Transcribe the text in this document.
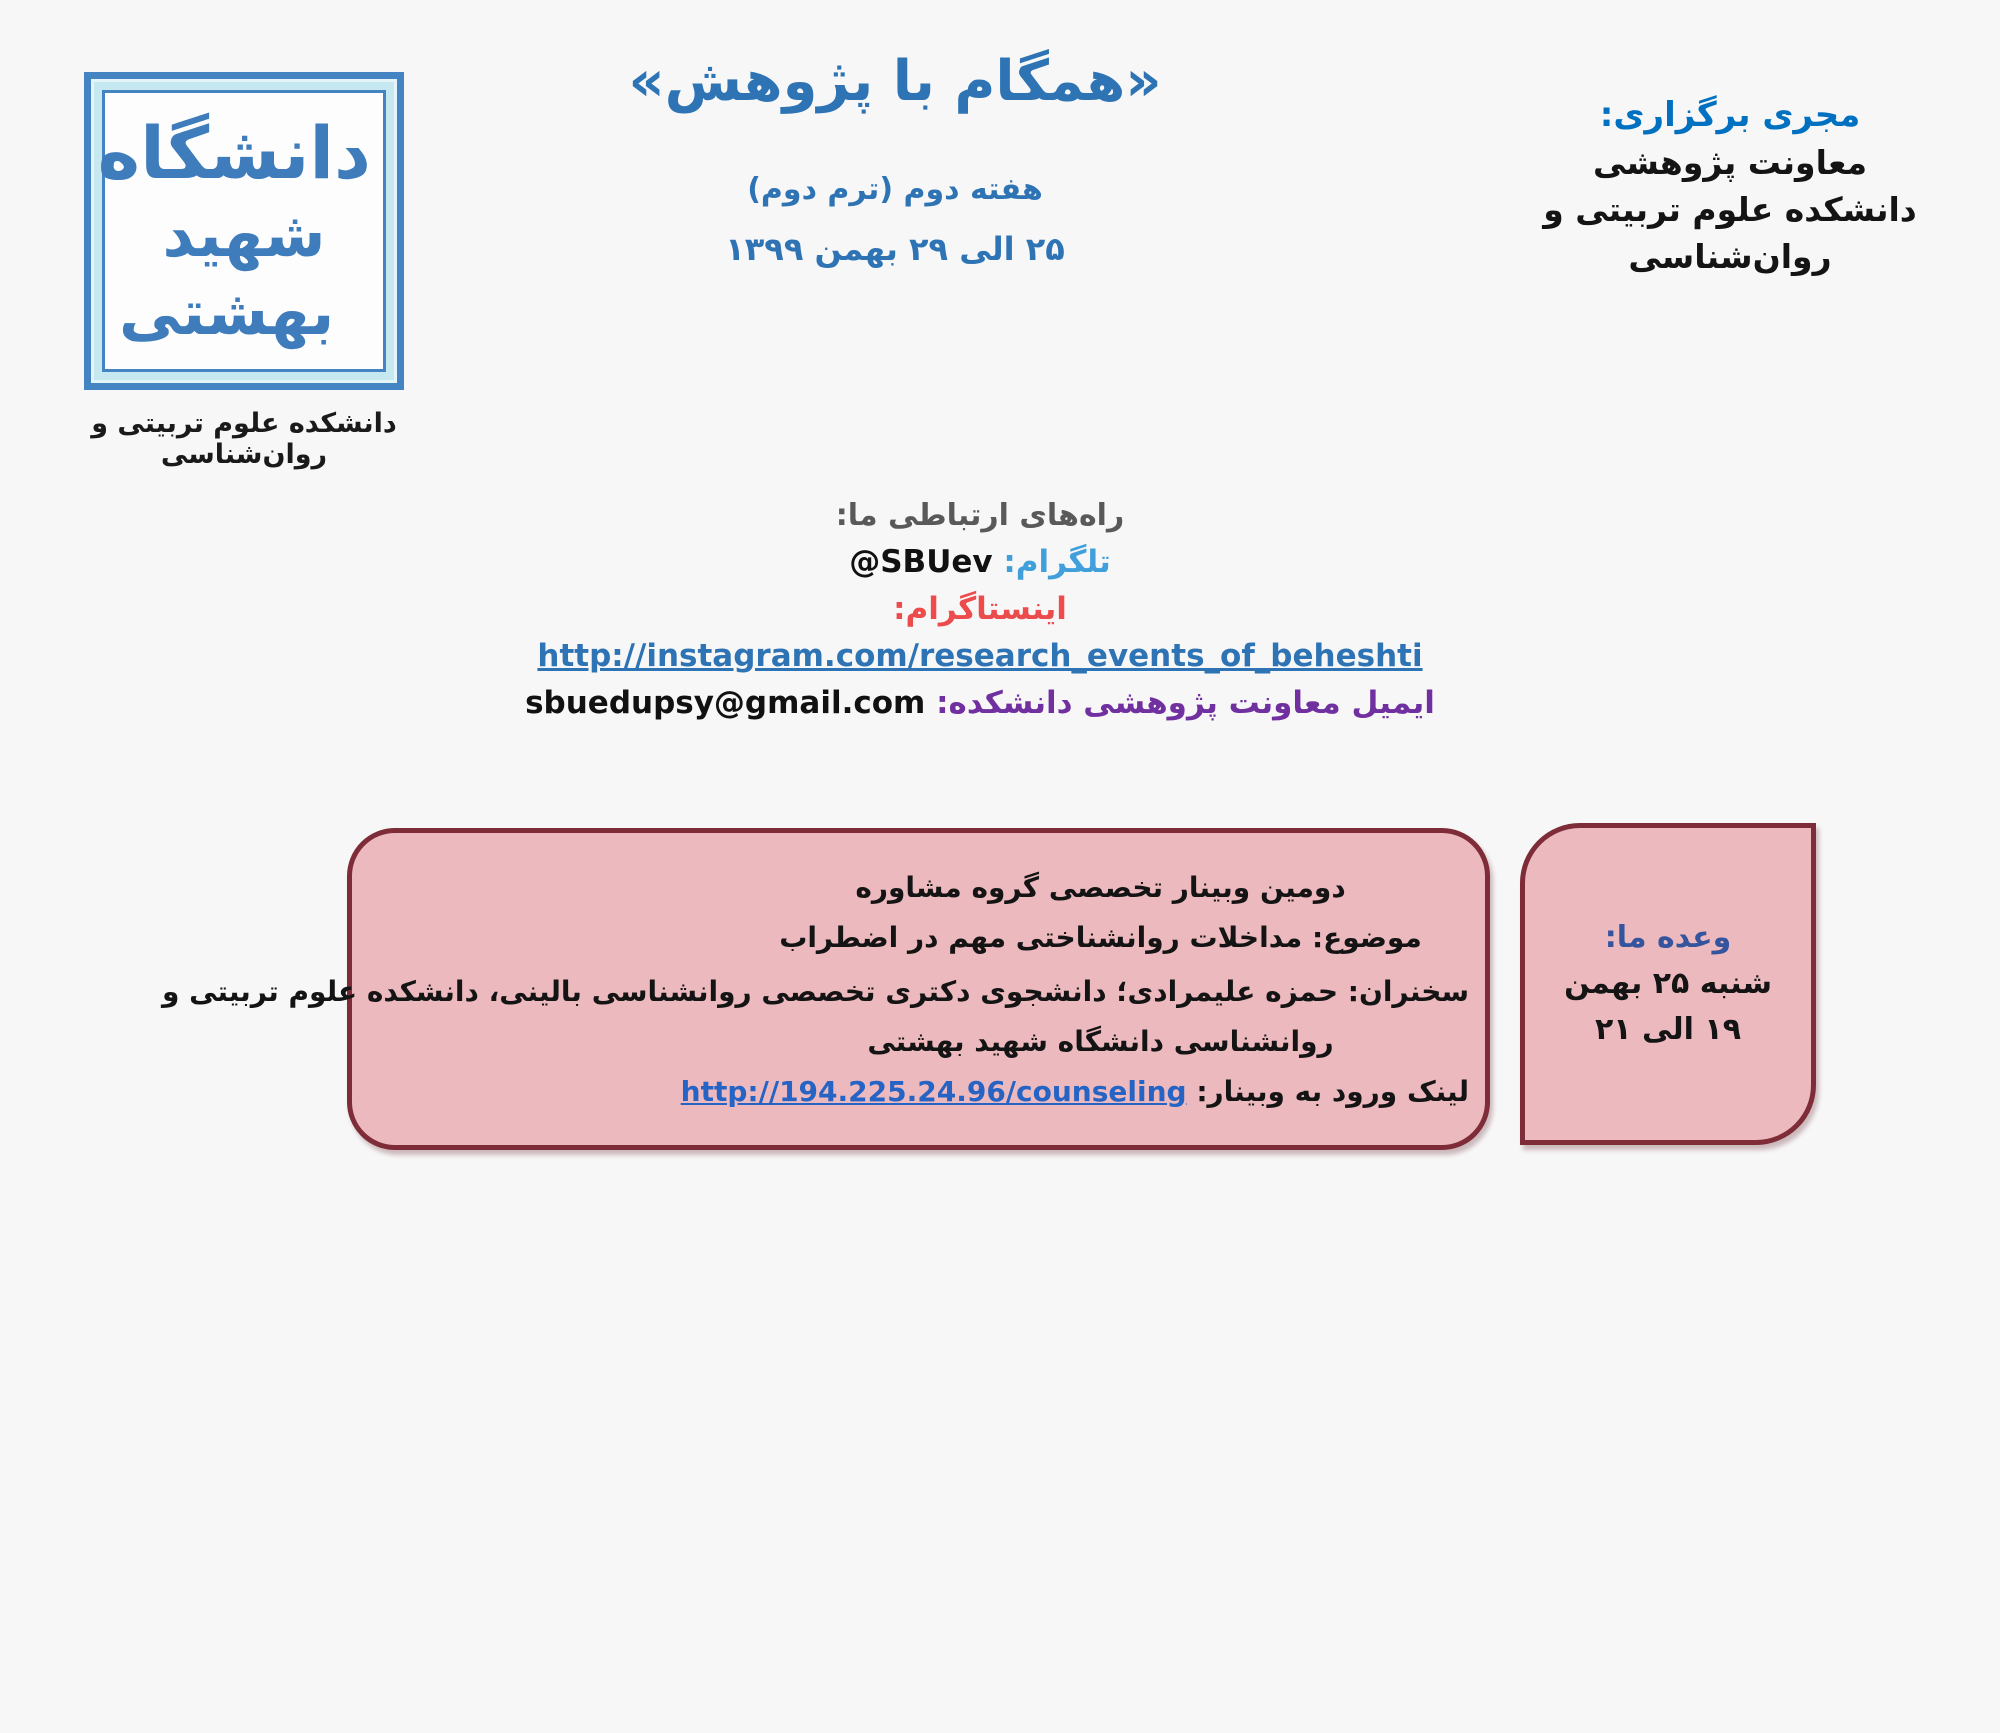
دانشگاه
شهید
بهشتی
دانشکده علوم تربیتی و روان‌شناسی
«همگام با پژوهش»
هفته دوم (ترم دوم)
۲۵ الی ۲۹ بهمن ۱۳۹۹
مجری برگزاری:
معاونت پژوهشی
دانشکده علوم تربیتی و روان‌شناسی
راه‌های ارتباطی ما:
تلگرام: @SBUev
اینستاگرام: http://instagram.com/research_events_of_beheshti
ایمیل معاونت پژوهشی دانشکده: sbuedupsy@gmail.com
دومین وبینار تخصصی گروه مشاوره
موضوع: مداخلات روانشناختی مهم در اضطراب
سخنران: حمزه علیمرادی؛ دانشجوی دکتری تخصصی روانشناسی بالینی، دانشکده علوم تربیتی و
روانشناسی دانشگاه شهید بهشتی
لینک ورود به وبینار: http://194.225.24.96/counseling
وعده ما:
شنبه ۲۵ بهمن
۱۹ الی ۲۱
